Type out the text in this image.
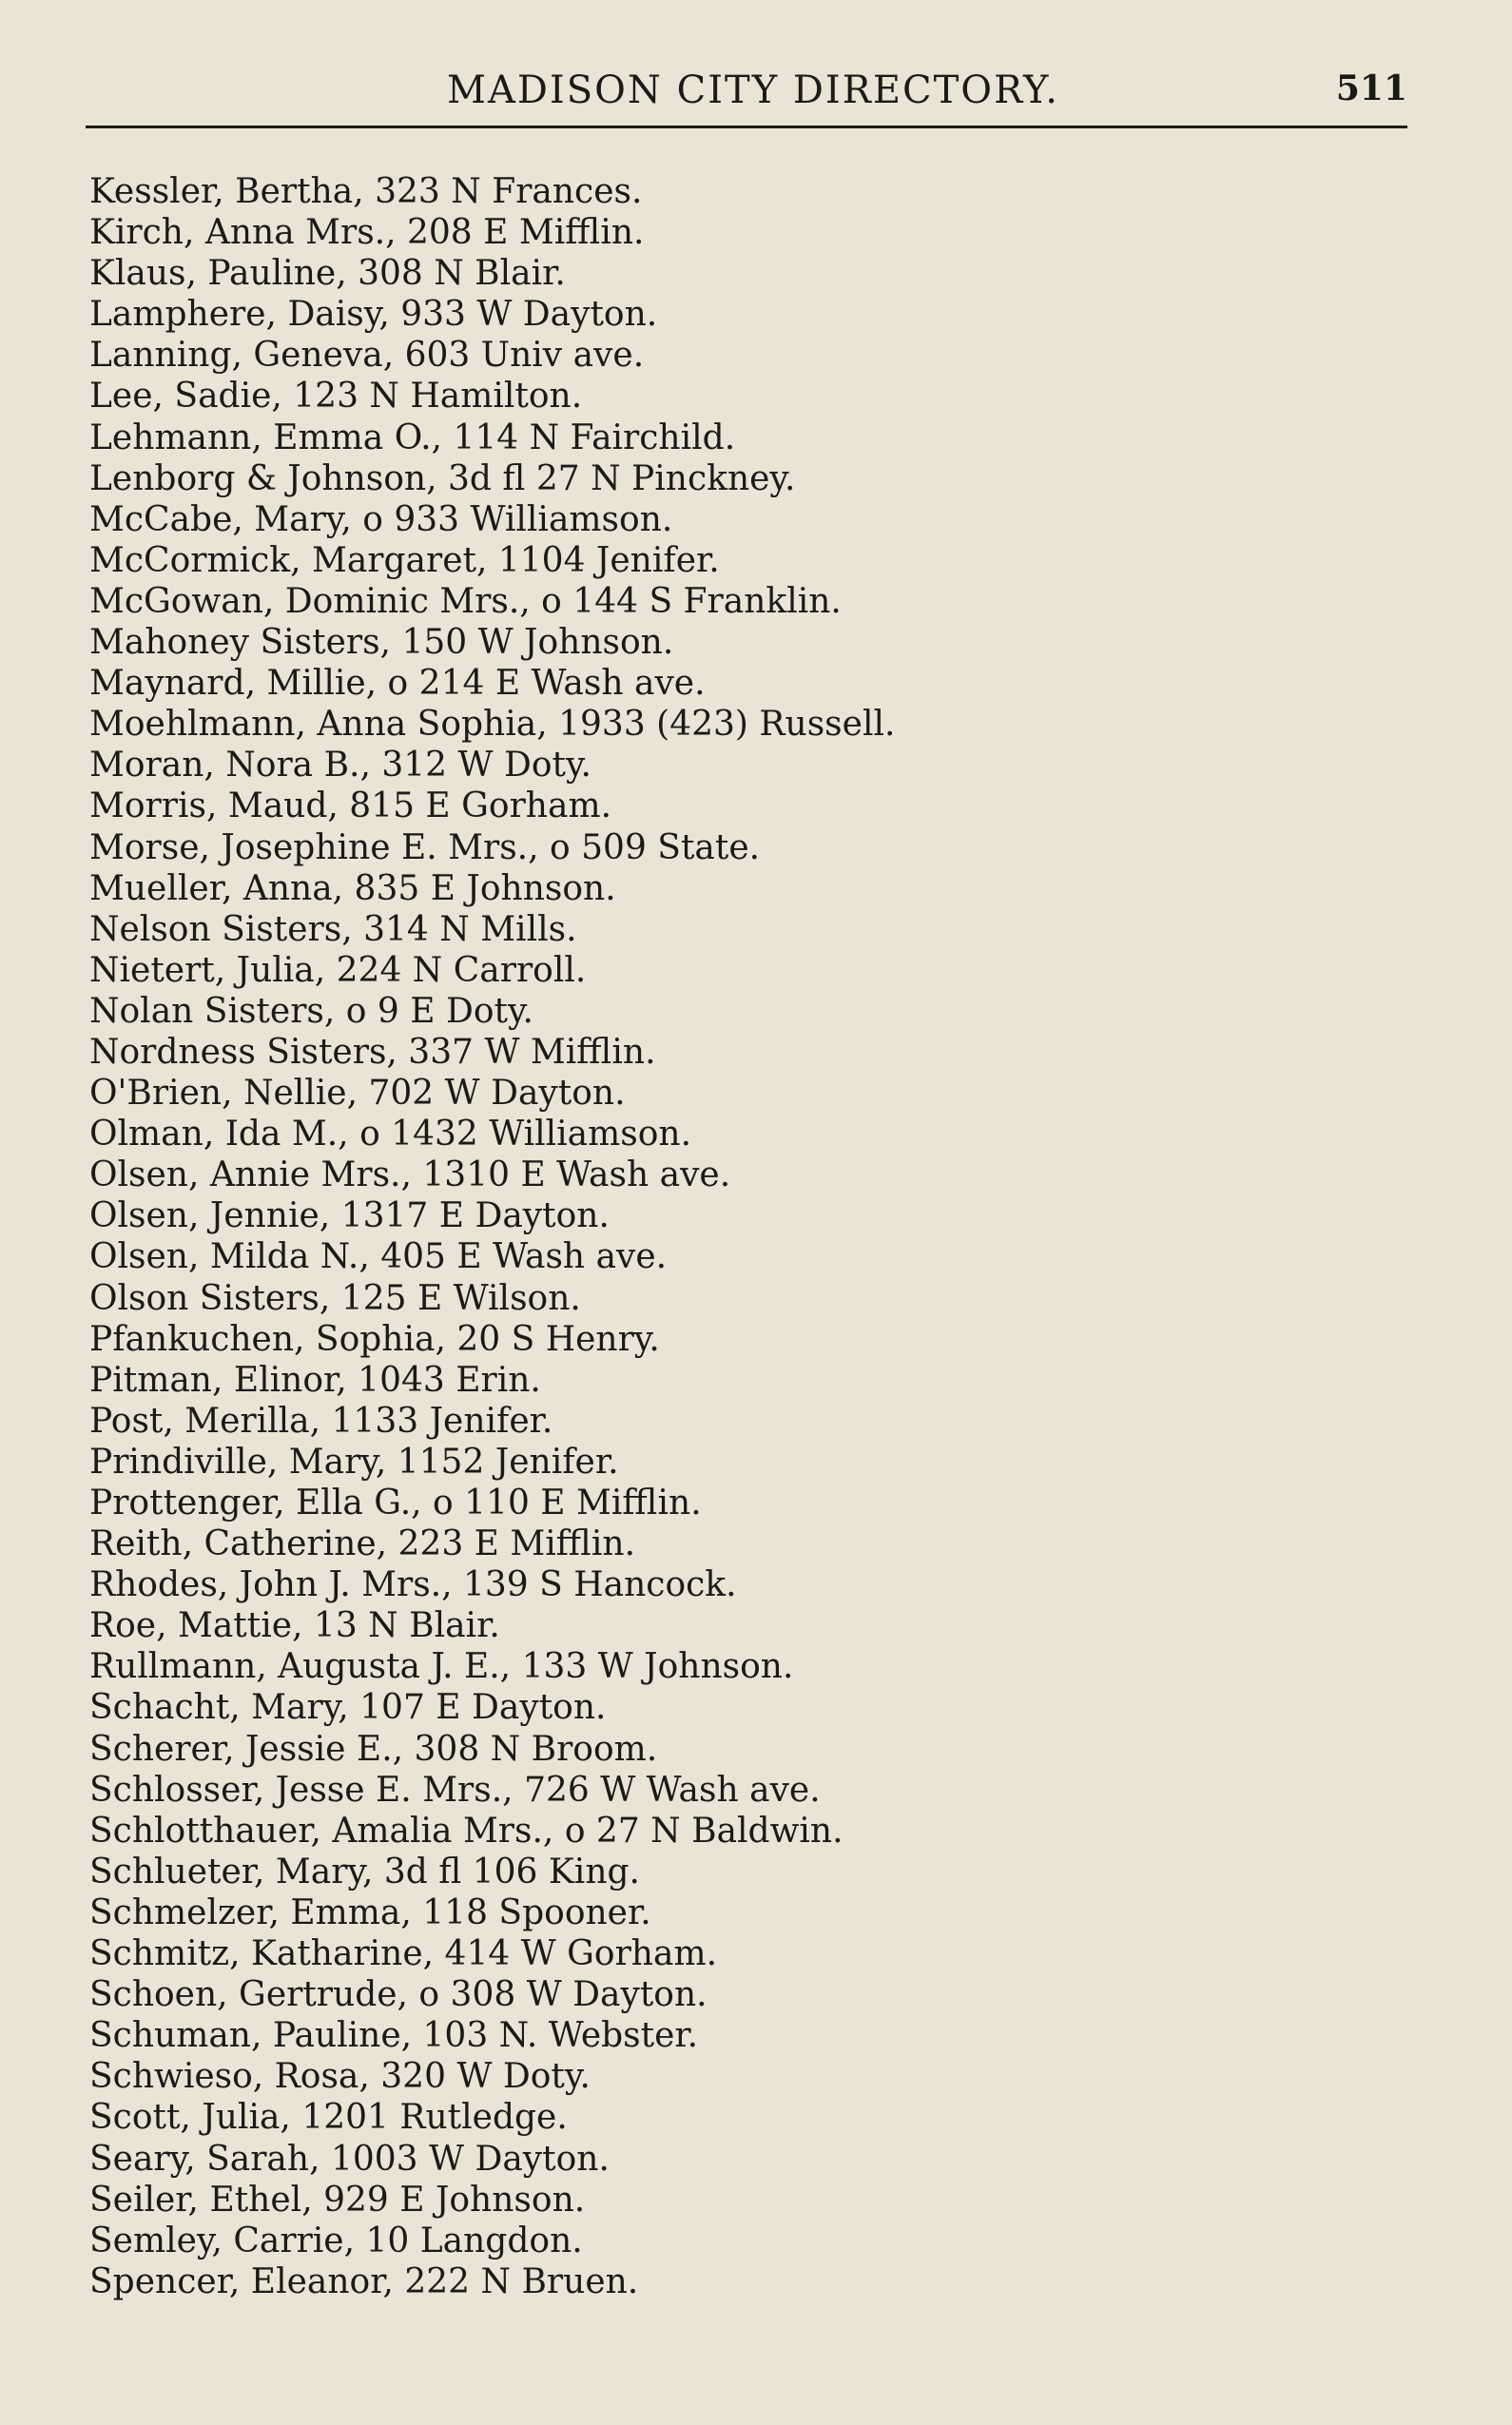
MADISON CITY DIRECTORY.	511
Kessler, Bertha, 323 N Frances.
Kirch, Anna Mrs., 208 E Mifflin.
Klaus, Pauline, 308 N Blair.
Lamphere, Daisy, 933 W Dayton.
Lanning, Geneva, 603 Univ ave.
Lee, Sadie, 123 N Hamilton.
Lehmann, Emma O., 114 N Fairchild.
Lenborg & Johnson, 3d fl 27 N Pinckney.
McCabe, Mary, o 933 Williamson.
McCormick, Margaret, 1104 Jenifer.
McGowan, Dominic Mrs., o 144 S Franklin.
Mahoney Sisters, 150 W Johnson.
Maynard, Millie, o 214 E Wash ave.
Moehlmann, Anna Sophia, 1933 (423) Russell.
Moran, Nora B., 312 W Doty.
Morris, Maud, 815 E Gorham.
Morse, Josephine E. Mrs., o 509 State.
Mueller, Anna, 835 E Johnson.
Nelson Sisters, 314 N Mills.
Nietert, Julia, 224 N Carroll.
Nolan Sisters, o 9 E Doty.
Nordness Sisters, 337 W Mifflin.
O'Brien, Nellie, 702 W Dayton.
Olman, Ida M., o 1432 Williamson.
Olsen, Annie Mrs., 1310 E Wash ave.
Olsen, Jennie, 1317 E Dayton.
Olsen, Milda N., 405 E Wash ave.
Olson Sisters, 125 E Wilson.
Pfankuchen, Sophia, 20 S Henry.
Pitman, Elinor, 1043 Erin.
Post, Merilla, 1133 Jenifer.
Prindiville, Mary, 1152 Jenifer.
Prottenger, Ella G., o 110 E Mifflin.
Reith, Catherine, 223 E Mifflin.
Rhodes, John J. Mrs., 139 S Hancock.
Roe, Mattie, 13 N Blair.
Rullmann, Augusta J. E., 133 W Johnson.
Schacht, Mary, 107 E Dayton.
Scherer, Jessie E., 308 N Broom.
Schlosser, Jesse E. Mrs., 726 W Wash ave.
Schlotthauer, Amalia Mrs., o 27 N Baldwin.
Schlueter, Mary, 3d fl 106 King.
Schmelzer, Emma, 118 Spooner.
Schmitz, Katharine, 414 W Gorham.
Schoen, Gertrude, o 308 W Dayton.
Schuman, Pauline, 103 N. Webster.
Schwieso, Rosa, 320 W Doty.
Scott, Julia, 1201 Rutledge.
Seary, Sarah, 1003 W Dayton.
Seiler, Ethel, 929 E Johnson.
Semley, Carrie, 10 Langdon.
Spencer, Eleanor, 222 N Bruen.
